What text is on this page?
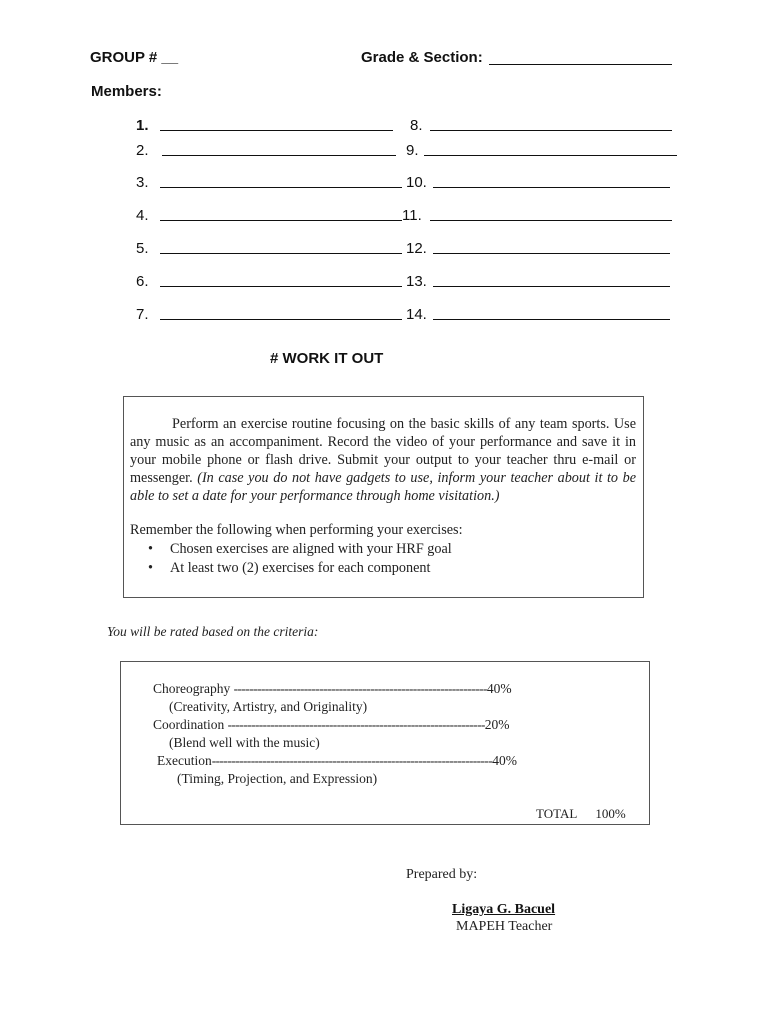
GROUP # __	Grade & Section:
Members:
1.
2.
3.
4.
5.
6.
7.
8.
9.
10.
11.
12.
13.
14.
# WORK IT OUT
Perform an exercise routine focusing on the basic skills of any team sports. Use any music as an accompaniment. Record the video of your performance and save it in your mobile phone or flash drive. Submit your output to your teacher thru e-mail or messenger. (In case you do not have gadgets to use, inform your teacher about it to be able to set a date for your performance through home visitation.)
Remember the following when performing your exercises:
• Chosen exercises are aligned with your HRF goal
• At least two (2) exercises for each component
You will be rated based on the criteria:
Choreography -----------------------------------------------------------------40%
(Creativity, Artistry, and Originality)
Coordination ------------------------------------------------------------------20%
(Blend well with the music)
Execution------------------------------------------------------------------------40%
(Timing, Projection, and Expression)
TOTAL 100%
Prepared by:
Ligaya G. Bacuel
MAPEH Teacher
